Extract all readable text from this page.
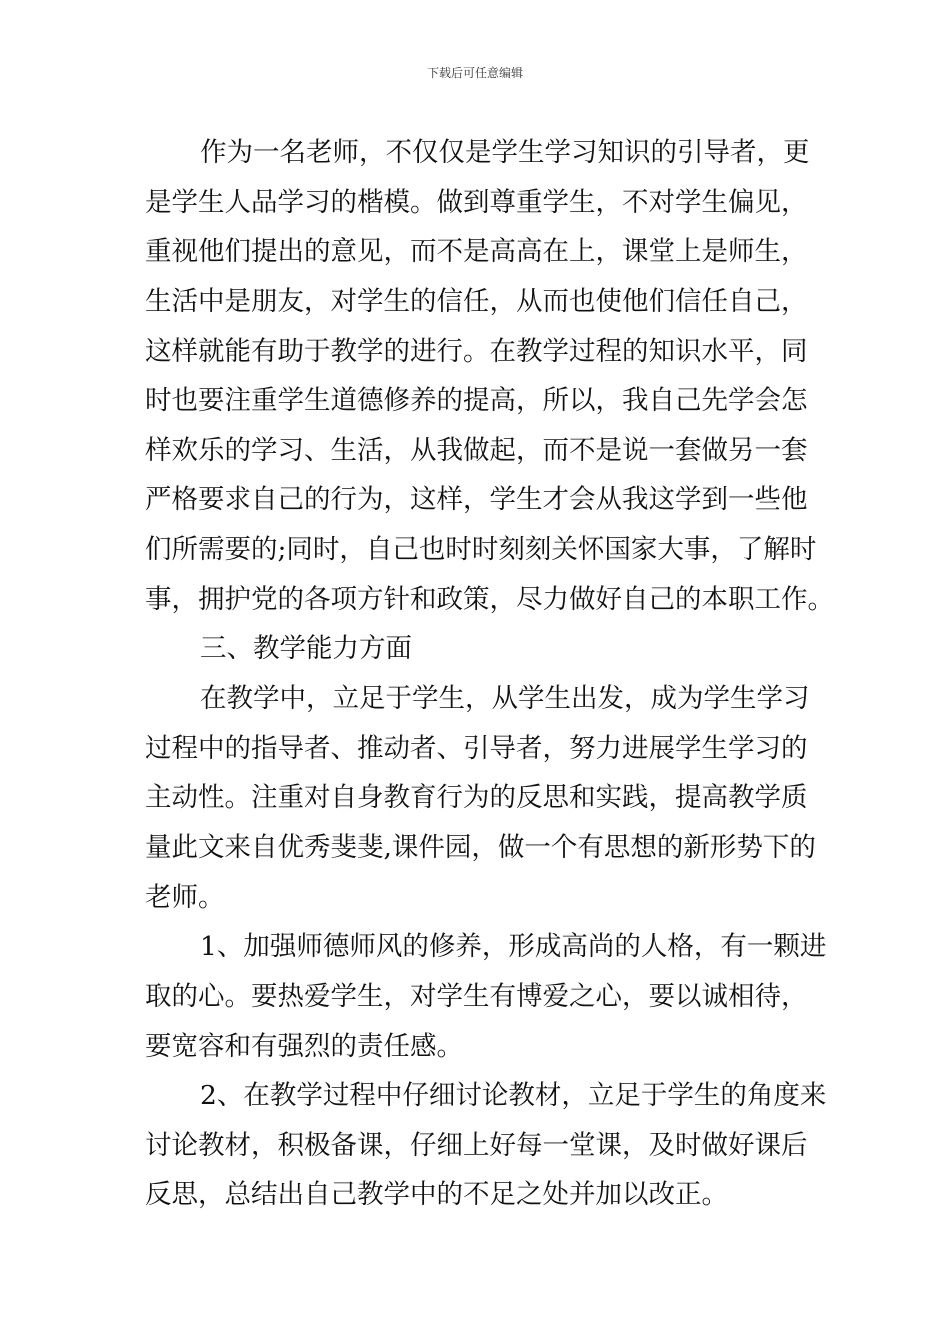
下载后可任意编辑
作为一名老师，不仅仅是学生学习知识的引导者，更
是学生人品学习的楷模。做到尊重学生，不对学生偏见，
重视他们提出的意见，而不是高高在上，课堂上是师生，
生活中是朋友，对学生的信任，从而也使他们信任自己，
这样就能有助于教学的进行。在教学过程的知识水平，同
时也要注重学生道德修养的提高，所以，我自己先学会怎
样欢乐的学习、生活，从我做起，而不是说一套做另一套
严格要求自己的行为，这样，学生才会从我这学到一些他
们所需要的;同时，自己也时时刻刻关怀国家大事，了解时
事，拥护党的各项方针和政策，尽力做好自己的本职工作。
三、教学能力方面
在教学中，立足于学生，从学生出发，成为学生学习
过程中的指导者、推动者、引导者，努力进展学生学习的
主动性。注重对自身教育行为的反思和实践，提高教学质
量此文来自优秀斐斐,课件园，做一个有思想的新形势下的
老师。
1、加强师德师风的修养，形成高尚的人格，有一颗进
取的心。要热爱学生，对学生有博爱之心，要以诚相待，
要宽容和有强烈的责任感。
2、在教学过程中仔细讨论教材，立足于学生的角度来
讨论教材，积极备课，仔细上好每一堂课，及时做好课后
反思，总结出自己教学中的不足之处并加以改正。
